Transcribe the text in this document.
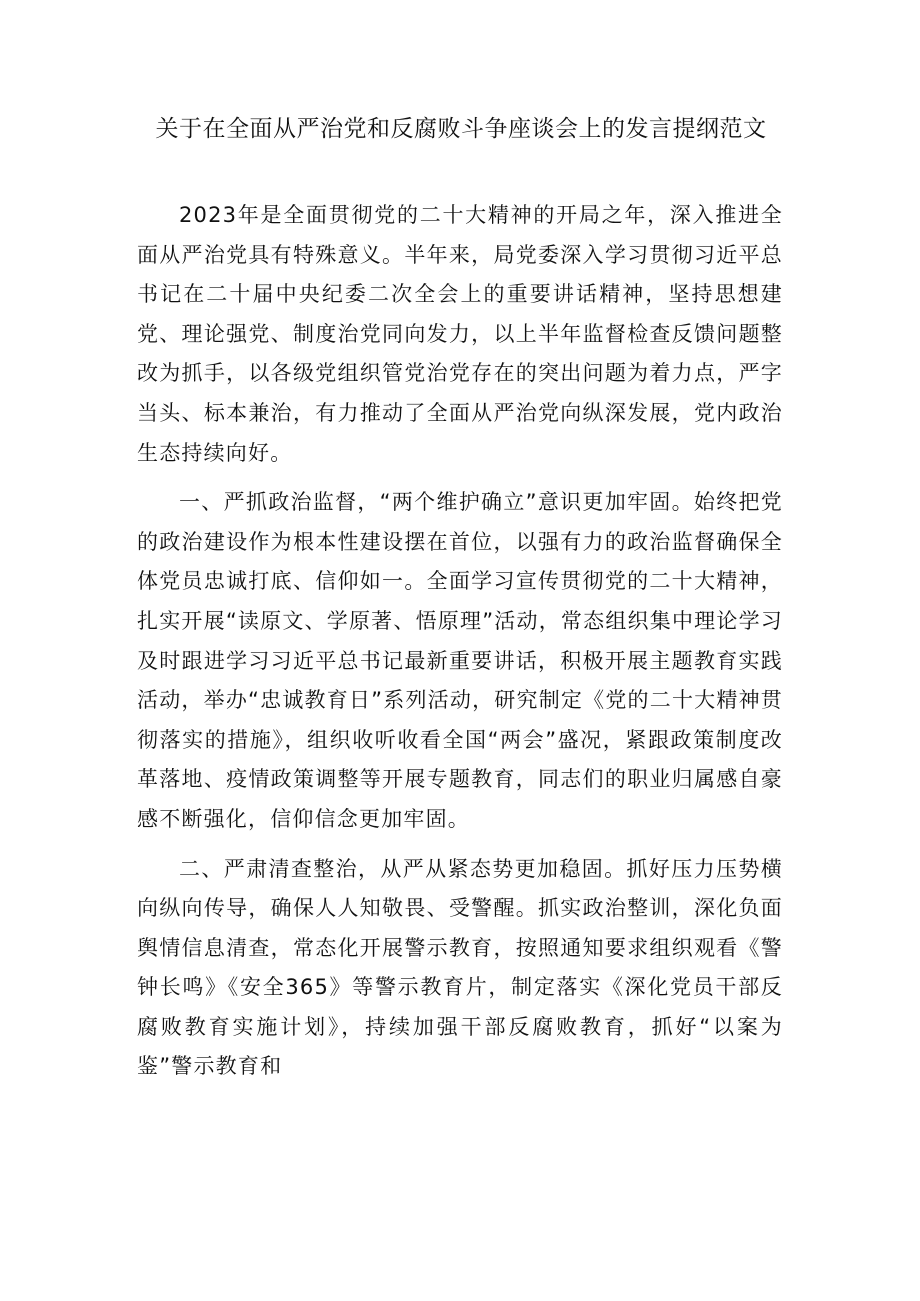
关于在全面从严治党和反腐败斗争座谈会上的发言提纲范文

2023年是全面贯彻党的二十大精神的开局之年，深入推进全面从严治党具有特殊意义。半年来，局党委深入学习贯彻习近平总书记在二十届中央纪委二次全会上的重要讲话精神，坚持思想建党、理论强党、制度治党同向发力，以上半年监督检查反馈问题整改为抓手，以各级党组织管党治党存在的突出问题为着力点，严字当头、标本兼治，有力推动了全面从严治党向纵深发展，党内政治生态持续向好。

一、严抓政治监督，“两个维护确立”意识更加牢固。始终把党的政治建设作为根本性建设摆在首位，以强有力的政治监督确保全体党员忠诚打底、信仰如一。全面学习宣传贯彻党的二十大精神，扎实开展“读原文、学原著、悟原理”活动，常态组织集中理论学习及时跟进学习习近平总书记最新重要讲话，积极开展主题教育实践活动，举办“忠诚教育日”系列活动，研究制定《党的二十大精神贯彻落实的措施》，组织收听收看全国“两会”盛况，紧跟政策制度改革落地、疫情政策调整等开展专题教育，同志们的职业归属感自豪感不断强化，信仰信念更加牢固。

二、严肃清查整治，从严从紧态势更加稳固。抓好压力压势横向纵向传导，确保人人知敬畏、受警醒。抓实政治整训，深化负面舆情信息清查，常态化开展警示教育，按照通知要求组织观看《警钟长鸣》《安全365》等警示教育片，制定落实《深化党员干部反腐败教育实施计划》，持续加强干部反腐败教育，抓好“以案为鉴”警示教育和
